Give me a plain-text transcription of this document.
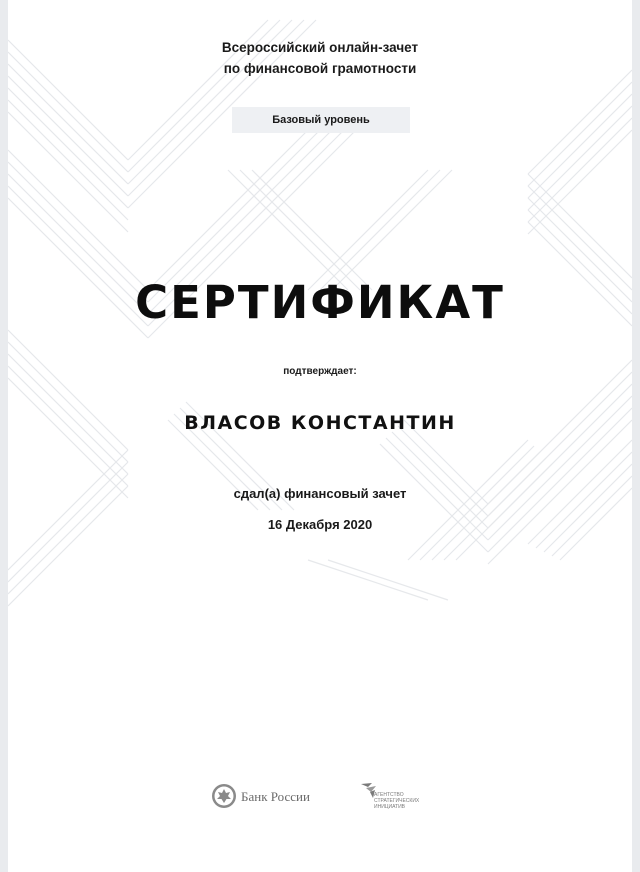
Всероссийский онлайн-зачет
по финансовой грамотности
Базовый уровень
СЕРТИФИКАТ
подтверждает:
ВЛАСОВ КОНСТАНТИН
сдал(а) финансовый зачет
16 Декабря 2020
Банк России	АГЕНТСТВО
СТРАТЕГИЧЕСКИХ
ИНИЦИАТИВ
